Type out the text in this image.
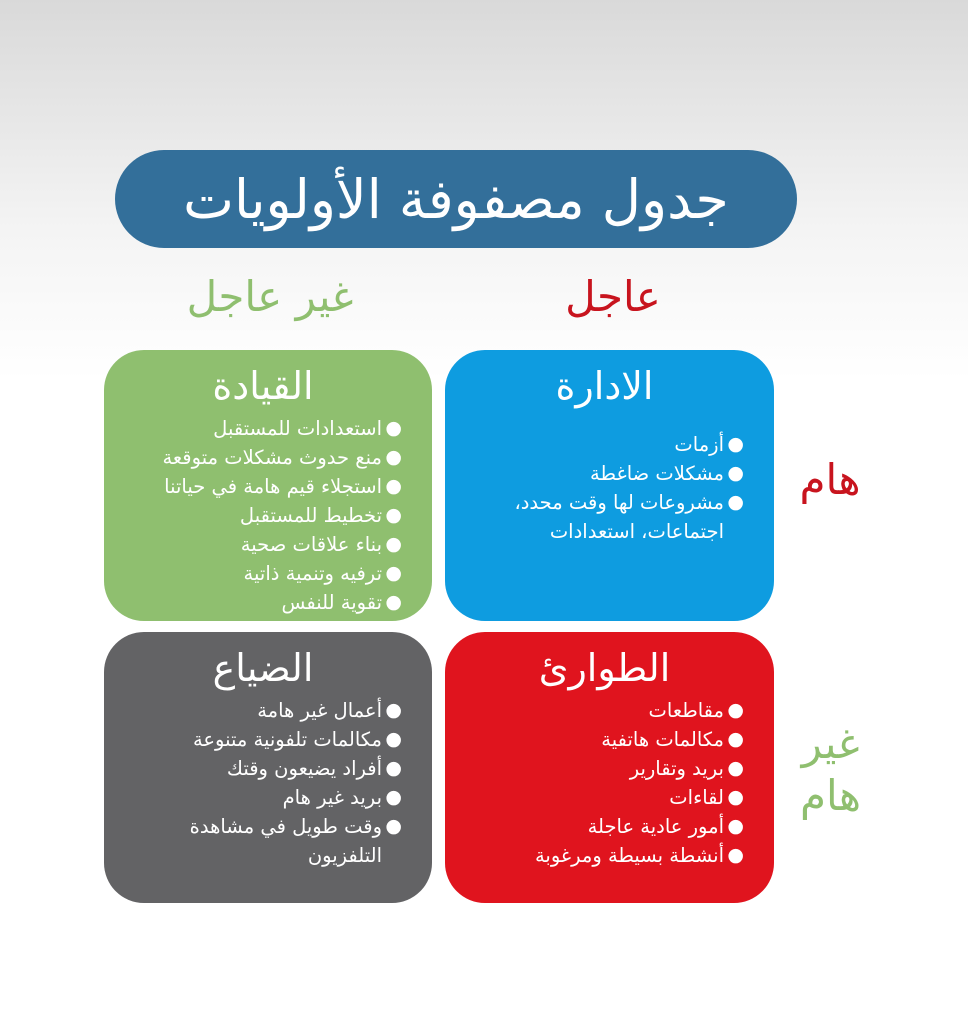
جدول مصفوفة الأولويات
عاجل
غير عاجل
هام
غير هام
الادارة
●
أزمات
●
مشكلات ضاغطة
●
مشروعات لها وقت محدد، اجتماعات، استعدادات
القيادة
●
استعدادات للمستقبل
●
منع حدوث مشكلات متوقعة
●
استجلاء قيم هامة في حياتنا
●
تخطيط للمستقبل
●
بناء علاقات صحية
●
ترفيه وتنمية ذاتية
●
تقوية للنفس
الطوارئ
●
مقاطعات
●
مكالمات هاتفية
●
بريد وتقارير
●
لقاءات
●
أمور عادية عاجلة
●
أنشطة بسيطة ومرغوبة
الضياع
●
أعمال غير هامة
●
مكالمات تلفونية متنوعة
●
أفراد يضيعون وقتك
●
بريد غير هام
●
وقت طويل في مشاهدة التلفزيون
